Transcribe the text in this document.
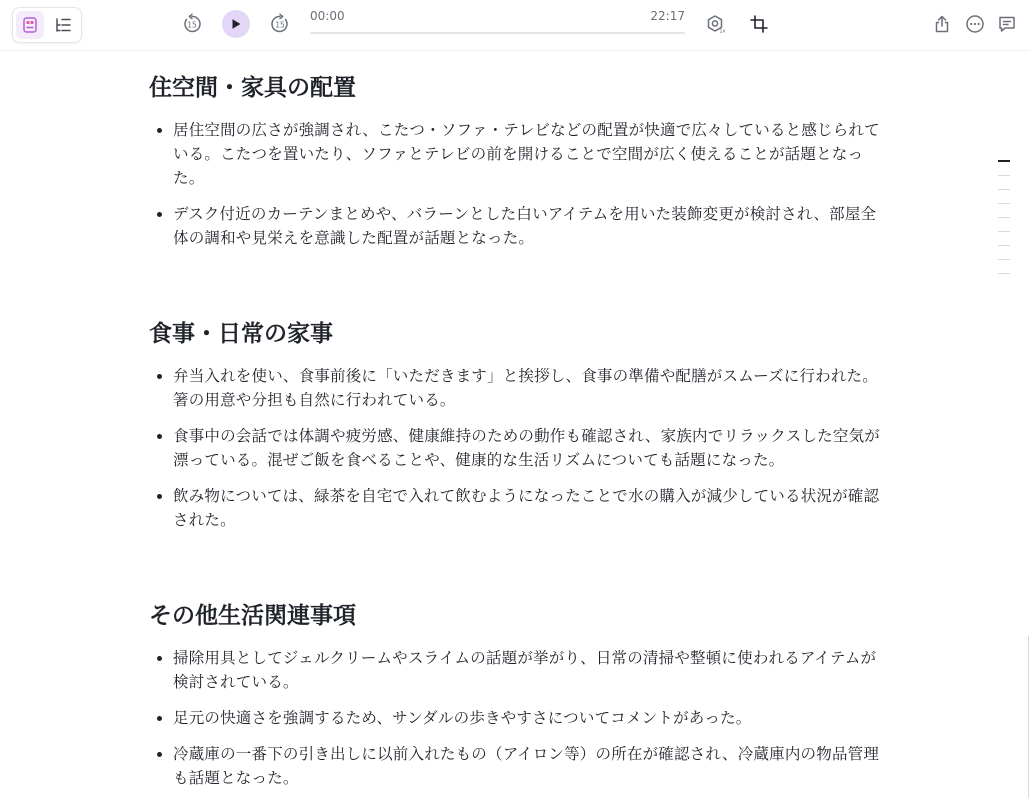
15	15
00:00	22:17
1x
住空間・家具の配置
• 居住空間の広さが強調され、こたつ・ソファ・テレビなどの配置が快適で広々していると感じられている。こたつを置いたり、ソファとテレビの前を開けることで空間が広く使えることが話題となった。
• デスク付近のカーテンまとめや、バラーンとした白いアイテムを用いた装飾変更が検討され、部屋全体の調和や見栄えを意識した配置が話題となった。
食事・日常の家事
• 弁当入れを使い、食事前後に「いただきます」と挨拶し、食事の準備や配膳がスムーズに行われた。箸の用意や分担も自然に行われている。
• 食事中の会話では体調や疲労感、健康維持のための動作も確認され、家族内でリラックスした空気が漂っている。混ぜご飯を食べることや、健康的な生活リズムについても話題になった。
• 飲み物については、緑茶を自宅で入れて飲むようになったことで水の購入が減少している状況が確認された。
その他生活関連事項
• 掃除用具としてジェルクリームやスライムの話題が挙がり、日常の清掃や整頓に使われるアイテムが検討されている。
• 足元の快適さを強調するため、サンダルの歩きやすさについてコメントがあった。
• 冷蔵庫の一番下の引き出しに以前入れたもの（アイロン等）の所在が確認され、冷蔵庫内の物品管理も話題となった。
